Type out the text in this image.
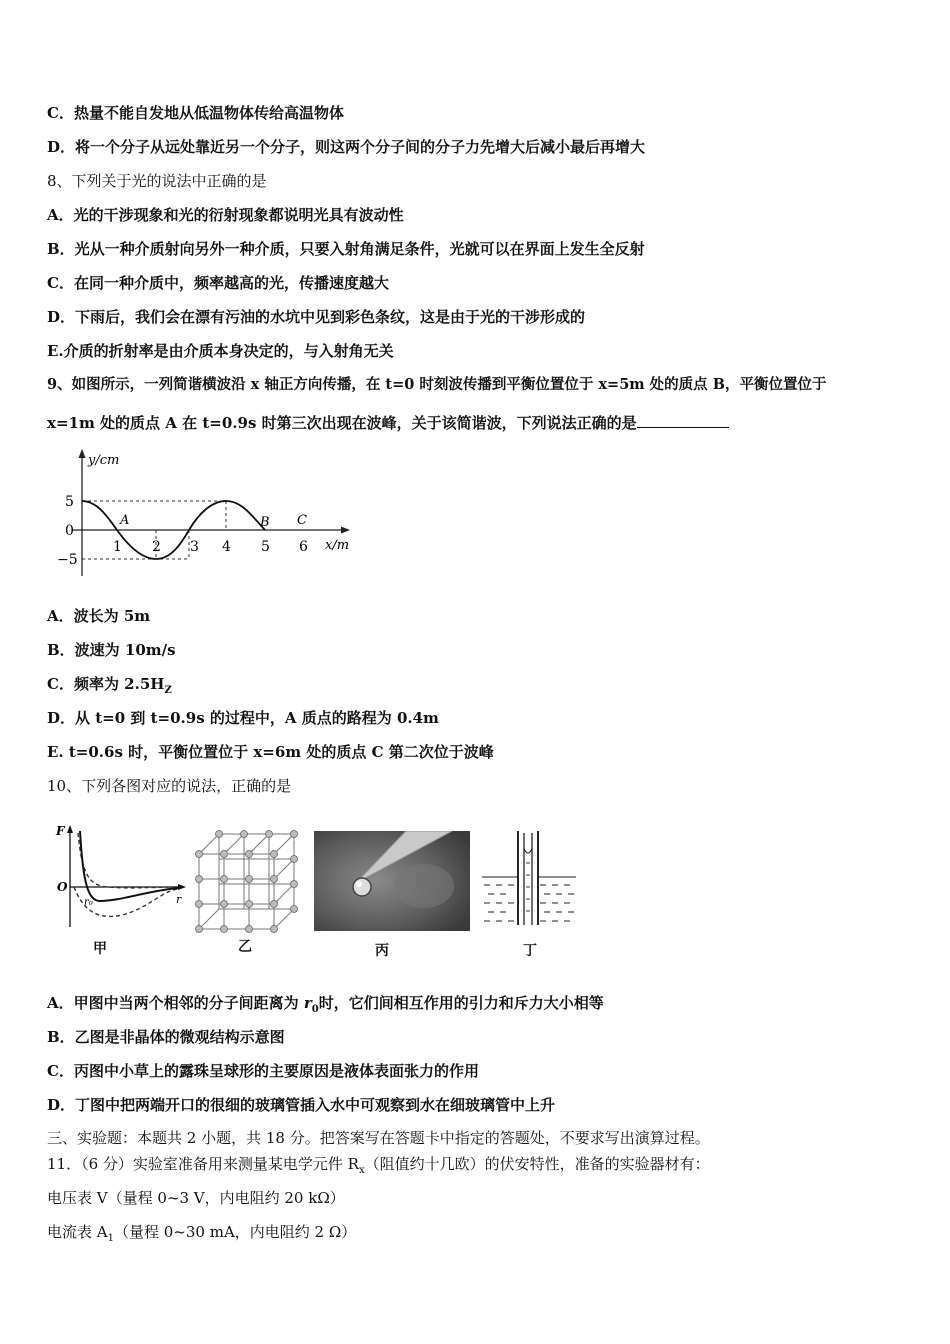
C．热量不能自发地从低温物体传给高温物体
D．将一个分子从远处靠近另一个分子，则这两个分子间的分子力先增大后减小最后再增大
8、下列关于光的说法中正确的是
A．光的干涉现象和光的衍射现象都说明光具有波动性
B．光从一种介质射向另外一种介质，只要入射角满足条件，光就可以在界面上发生全反射
C．在同一种介质中，频率越高的光，传播速度越大
D．下雨后，我们会在漂有污油的水坑中见到彩色条纹，这是由于光的干涉形成的
E.介质的折射率是由介质本身决定的，与入射角无关
9、如图所示，一列简谐横波沿 x 轴正方向传播，在 t=0 时刻波传播到平衡位置位于 x=5m 处的质点 B，平衡位置位于
x=1m 处的质点 A 在 t=0.9s 时第三次出现在波峰，关于该简谐波，下列说法正确的是
5
0
−5
1 2 3 4 5 6
y/cm
x/m
A	B C
A．波长为 5m
B．波速为 10m/s
C．频率为 $2.5H_Z$
D．从 t=0 到 t=0.9s 的过程中，A 质点的路程为 0.4m
E. t=0.6s 时，平衡位置位于 x=6m 处的质点 C 第二次位于波峰
10、下列各图对应的说法，正确的是
F
O
r
r₀
甲	乙	丙	丁
A．甲图中当两个相邻的分子间距离为 $r_0$时，它们间相互作用的引力和斥力大小相等
B．乙图是非晶体的微观结构示意图
C．丙图中小草上的露珠呈球形的主要原因是液体表面张力的作用
D．丁图中把两端开口的很细的玻璃管插入水中可观察到水在细玻璃管中上升
三、实验题：本题共 2 小题，共 18 分。把答案写在答题卡中指定的答题处，不要求写出演算过程。
11．（6 分）实验室准备用来测量某电学元件 $R_x$（阻值约十几欧）的伏安特性，准备的实验器材有：
电压表 V（量程 0~3 V，内电阻约 20 kΩ）
电流表 $A_1$（量程 0~30 mA，内电阻约 2 Ω）
